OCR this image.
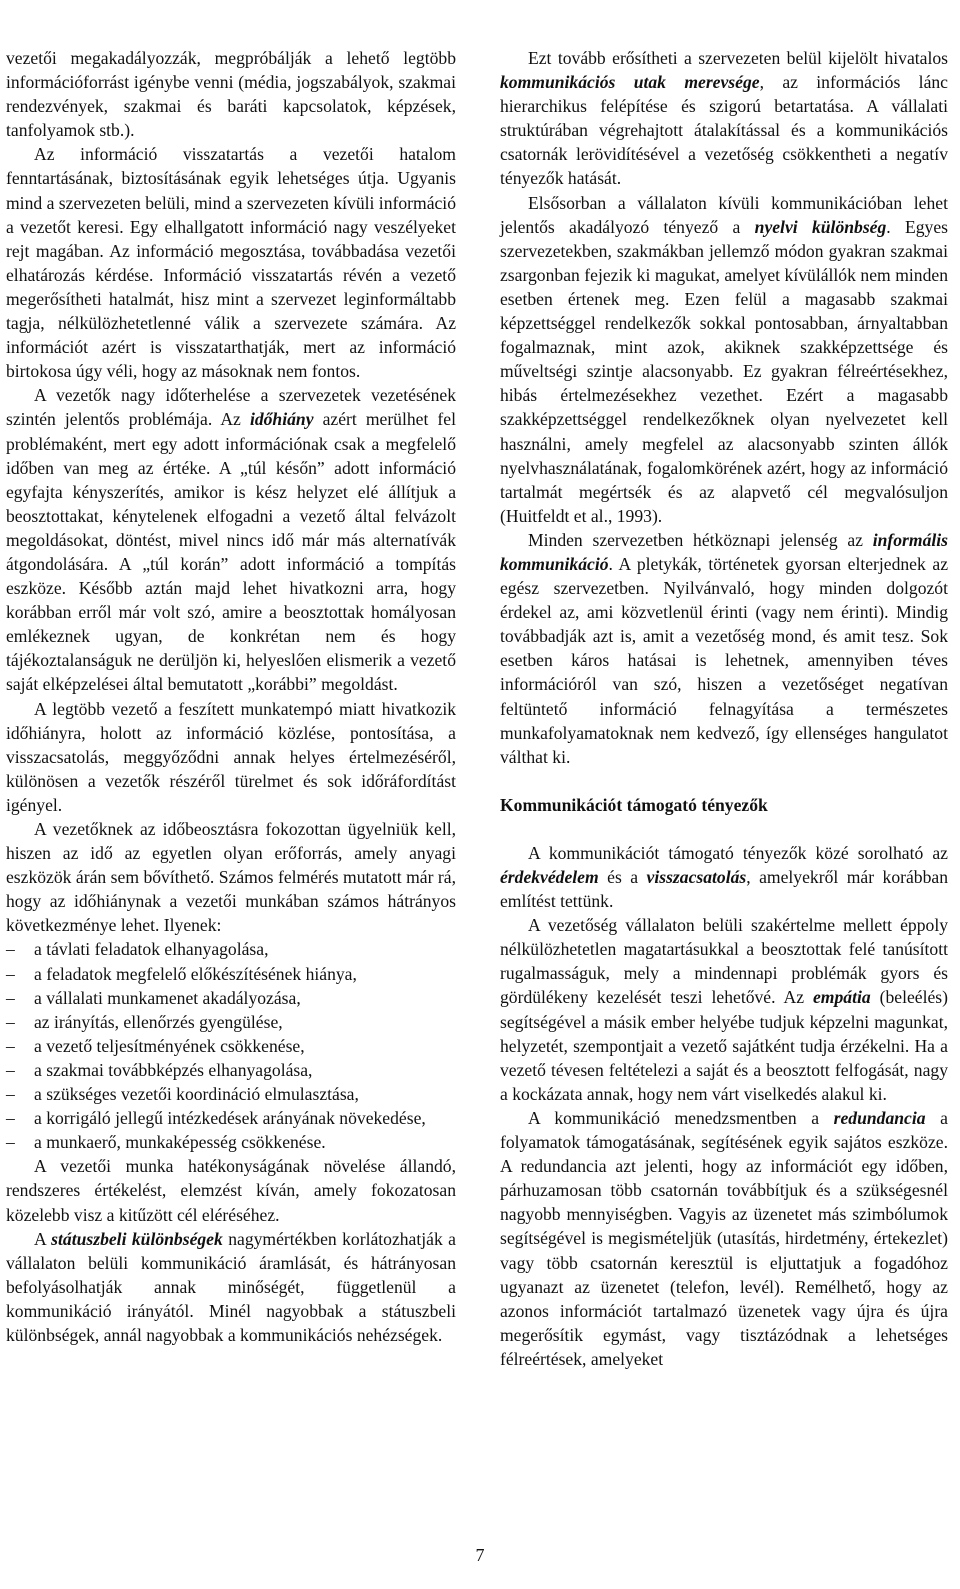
vezetői megakadályozzák, megpróbálják a lehető legtöbb információforrást igénybe venni (média, jogszabályok, szakmai rendezvények, szakmai és baráti kapcsolatok, képzések, tanfolyamok stb.).

Az információ visszatartás a vezetői hatalom fenntartásának, biztosításának egyik lehetséges útja. Ugyanis mind a szervezeten belüli, mind a szervezeten kívüli információ a vezetőt keresi. Egy elhallgatott információ nagy veszélyeket rejt magában. Az információ megosztása, továbbadása vezetői elhatározás kérdése. Információ visszatartás révén a vezető megerősítheti hatalmát, hisz mint a szervezet leginformáltabb tagja, nélkülözhetetlenné válik a szervezete számára. Az információt azért is visszatarthatják, mert az információ birtokosa úgy véli, hogy az másoknak nem fontos.

A vezetők nagy időterhelése a szervezetek vezetésének szintén jelentős problémája. Az időhiány azért merülhet fel problémaként, mert egy adott információnak csak a megfelelő időben van meg az értéke. A „túl későn” adott információ egyfajta kényszerítés, amikor is kész helyzet elé állítjuk a beosztottakat, kénytelenek elfogadni a vezető által felvázolt megoldásokat, döntést, mivel nincs idő már más alternatívák átgondolására. A „túl korán” adott információ a tompítás eszköze. Később aztán majd lehet hivatkozni arra, hogy korábban erről már volt szó, amire a beosztottak homályosan emlékeznek ugyan, de konkrétan nem és hogy tájékoztalanságuk ne derüljön ki, helyeslően elismerik a vezető saját elképzelései által bemutatott „korábbi” megoldást.

A legtöbb vezető a feszített munkatempó miatt hivatkozik időhiányra, holott az információ közlése, pontosítása, a visszacsatolás, meggyőződni annak helyes értelmezéséről, különösen a vezetők részéről türelmet és sok időráfordítást igényel.

A vezetőknek az időbeosztásra fokozottan ügyelniük kell, hiszen az idő az egyetlen olyan erőforrás, amely anyagi eszközök árán sem bővíthető. Számos felmérés mutatott már rá, hogy az időhiánynak a vezetői munkában számos hátrányos következménye lehet. Ilyenek:

– a távlati feladatok elhanyagolása,
– a feladatok megfelelő előkészítésének hiánya,
– a vállalati munkamenet akadályozása,
– az irányítás, ellenőrzés gyengülése,
– a vezető teljesítményének csökkenése,
– a szakmai továbbképzés elhanyagolása,
– a szükséges vezetői koordináció elmulasztása,
– a korrigáló jellegű intézkedések arányának növekedése,
– a munkaerő, munkaképesség csökkenése.

A vezetői munka hatékonyságának növelése állandó, rendszeres értékelést, elemzést kíván, amely fokozatosan közelebb visz a kitűzött cél eléréséhez.

A státuszbeli különbségek nagymértékben korlátozhatják a vállalaton belüli kommunikáció áramlását, és hátrányosan befolyásolhatják annak minőségét, függetlenül a kommunikáció irányától. Minél nagyobbak a státuszbeli különbségek, annál nagyobbak a kommunikációs nehézségek.

Ezt tovább erősítheti a szervezeten belül kijelölt hivatalos kommunikációs utak merevsége, az információs lánc hierarchikus felépítése és szigorú betartatása. A vállalati struktúrában végrehajtott átalakítással és a kommunikációs csatornák lerövidítésével a vezetőség csökkentheti a negatív tényezők hatását.

Elsősorban a vállalaton kívüli kommunikációban lehet jelentős akadályozó tényező a nyelvi különbség. Egyes szervezetekben, szakmákban jellemző módon gyakran szakmai zsargonban fejezik ki magukat, amelyet kívülállók nem minden esetben értenek meg. Ezen felül a magasabb szakmai képzettséggel rendelkezők sokkal pontosabban, árnyaltabban fogalmaznak, mint azok, akiknek szakképzettsége és műveltségi szintje alacsonyabb. Ez gyakran félreértésekhez, hibás értelmezésekhez vezethet. Ezért a magasabb szakképzettséggel rendelkezőknek olyan nyelvezetet kell használni, amely megfelel az alacsonyabb szinten állók nyelvhasználatának, fogalomkörének azért, hogy az információ tartalmát megértsék és az alapvető cél megvalósuljon (Huitfeldt et al., 1993).

Minden szervezetben hétköznapi jelenség az informális kommunikáció. A pletykák, történetek gyorsan elterjednek az egész szervezetben. Nyilvánvaló, hogy minden dolgozót érdekel az, ami közvetlenül érinti (vagy nem érinti). Mindig továbbadják azt is, amit a vezetőség mond, és amit tesz. Sok esetben káros hatásai is lehetnek, amennyiben téves információról van szó, hiszen a vezetőséget negatívan feltüntető információ felnagyítása a természetes munkafolyamatoknak nem kedvező, így ellenséges hangulatot válthat ki.

Kommunikációt támogató tényezők

A kommunikációt támogató tényezők közé sorolható az érdekvédelem és a visszacsatolás, amelyekről már korábban említést tettünk.

A vezetőség vállalaton belüli szakértelme mellett éppoly nélkülözhetetlen magatartásukkal a beosztottak felé tanúsított rugalmasságuk, mely a mindennapi problémák gyors és gördülékeny kezelését teszi lehetővé. Az empátia (beleélés) segítségével a másik ember helyébe tudjuk képzelni magunkat, helyzetét, szempontjait a vezető sajátként tudja érzékelni. Ha a vezető tévesen feltételezi a saját és a beosztott felfogását, nagy a kockázata annak, hogy nem várt viselkedés alakul ki.

A kommunikáció menedzsmentben a redundancia a folyamatok támogatásának, segítésének egyik sajátos eszköze. A redundancia azt jelenti, hogy az információt egy időben, párhuzamosan több csatornán továbbítjuk és a szükségesnél nagyobb mennyiségben. Vagyis az üzenetet más szimbólumok segítségével is megismételjük (utasítás, hirdetmény, értekezlet) vagy több csatornán keresztül is eljuttatjuk a fogadóhoz ugyanazt az üzenetet (telefon, levél). Remélhető, hogy az azonos információt tartalmazó üzenetek vagy újra és újra megerősítik egymást, vagy tisztázódnak a lehetséges félreértések, amelyeket

7
